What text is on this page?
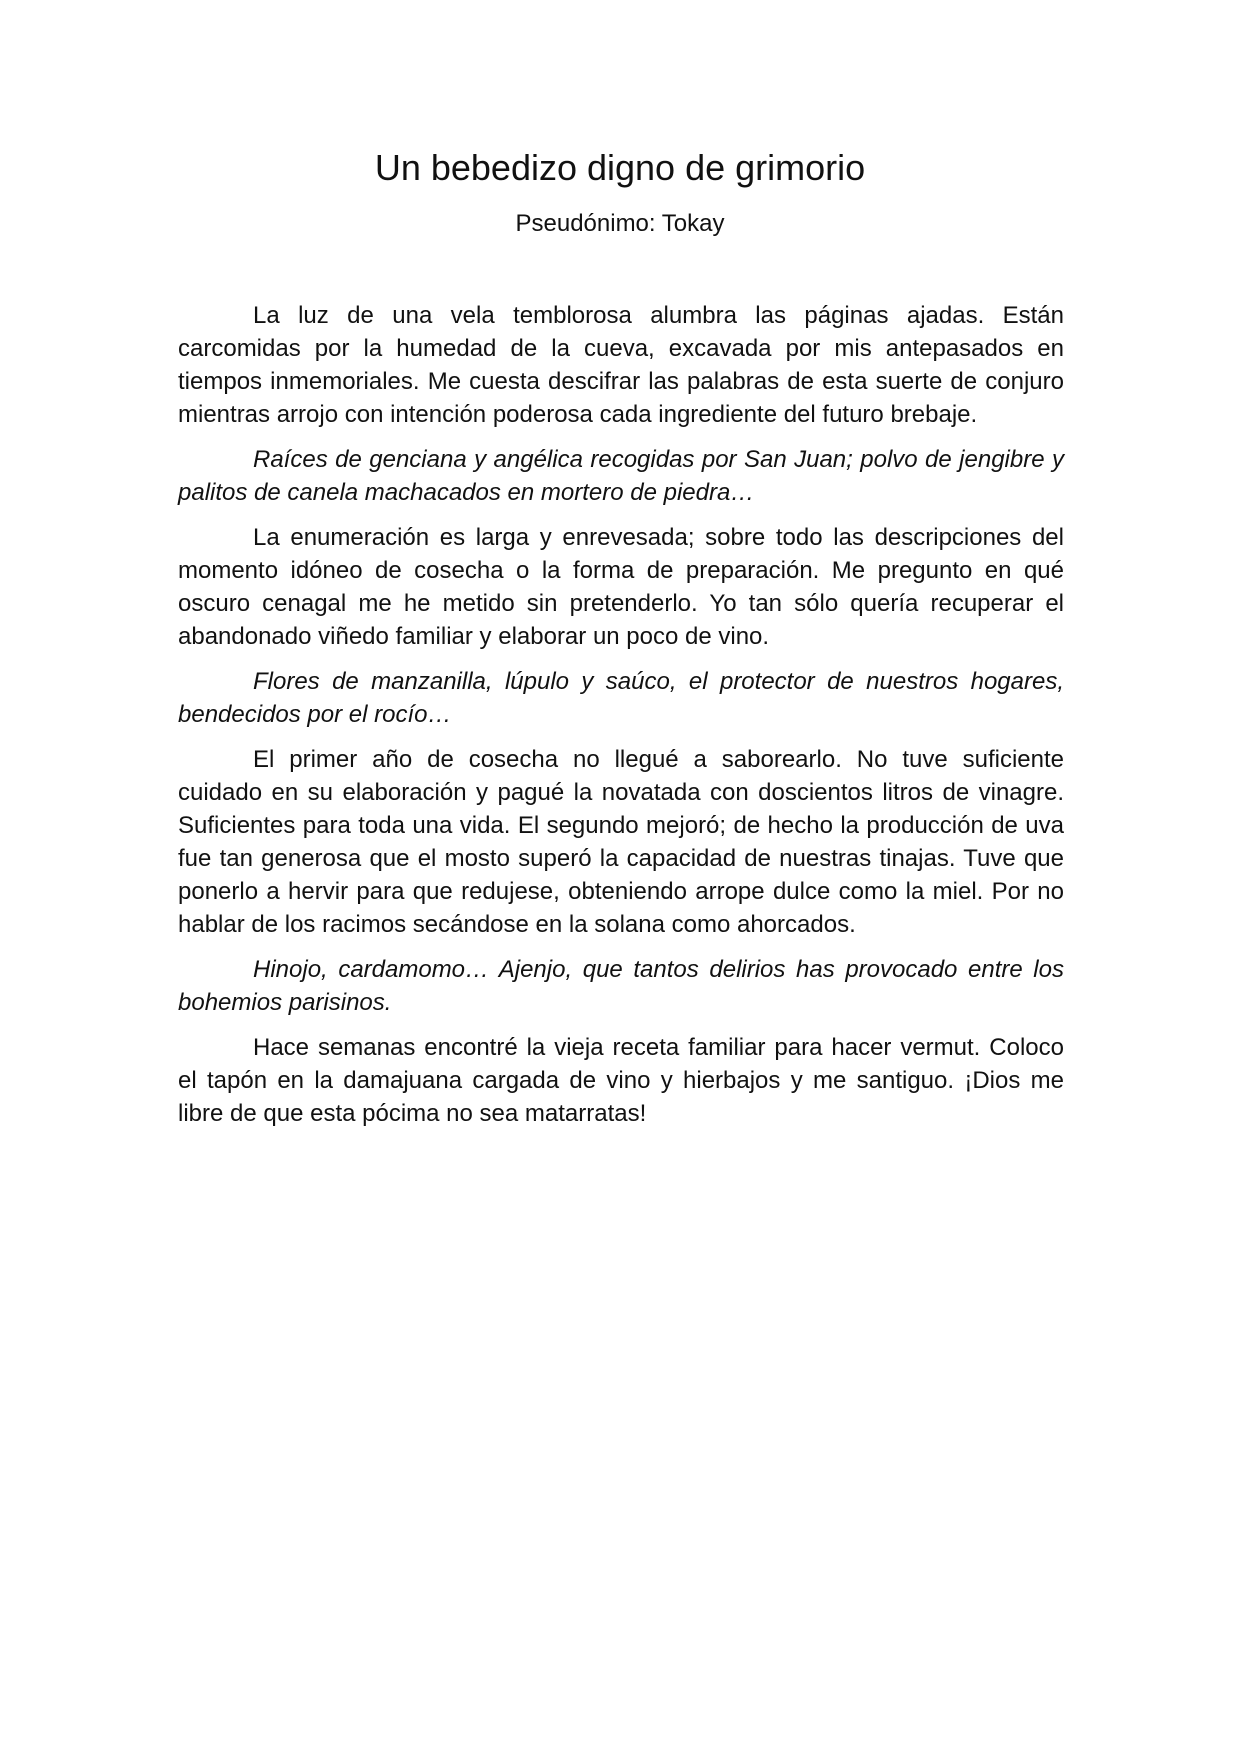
Un bebedizo digno de grimorio

Pseudónimo: Tokay

La luz de una vela temblorosa alumbra las páginas ajadas. Están carcomidas por la humedad de la cueva, excavada por mis antepasados en tiempos inmemoriales. Me cuesta descifrar las palabras de esta suerte de conjuro mientras arrojo con intención poderosa cada ingrediente del futuro brebaje.

Raíces de genciana y angélica recogidas por San Juan; polvo de jengibre y palitos de canela machacados en mortero de piedra…

La enumeración es larga y enrevesada; sobre todo las descripciones del momento idóneo de cosecha o la forma de preparación. Me pregunto en qué oscuro cenagal me he metido sin pretenderlo. Yo tan sólo quería recuperar el abandonado viñedo familiar y elaborar un poco de vino.

Flores de manzanilla, lúpulo y saúco, el protector de nuestros hogares, bendecidos por el rocío…

El primer año de cosecha no llegué a saborearlo. No tuve suficiente cuidado en su elaboración y pagué la novatada con doscientos litros de vinagre. Suficientes para toda una vida. El segundo mejoró; de hecho la producción de uva fue tan generosa que el mosto superó la capacidad de nuestras tinajas. Tuve que ponerlo a hervir para que redujese, obteniendo arrope dulce como la miel. Por no hablar de los racimos secándose en la solana como ahorcados.

Hinojo, cardamomo… Ajenjo, que tantos delirios has provocado entre los bohemios parisinos.

Hace semanas encontré la vieja receta familiar para hacer vermut. Coloco el tapón en la damajuana cargada de vino y hierbajos y me santiguo. ¡Dios me libre de que esta pócima no sea matarratas!
